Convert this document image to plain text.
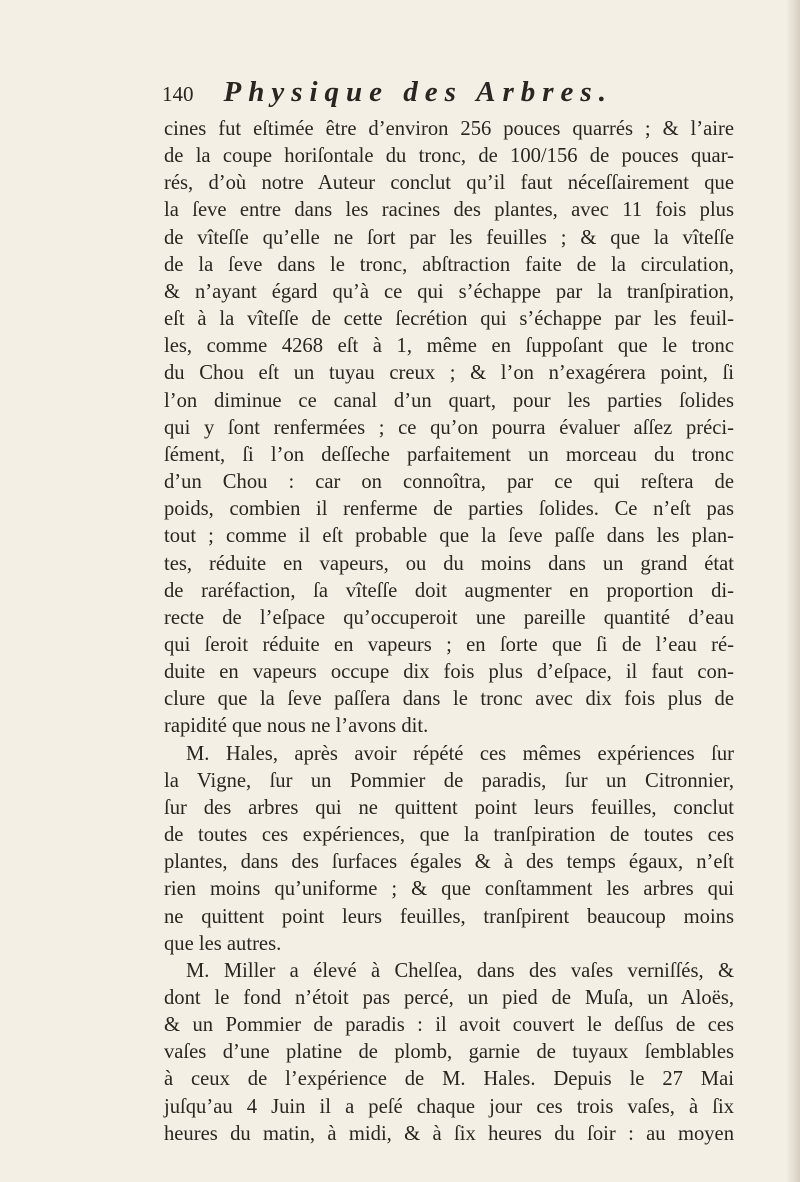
140 Physique des Arbres.
cines fut eſtimée être d’environ 256 pouces quarrés ; & l’aire
de la coupe horiſontale du tronc, de 100/156 de pouces quar-
rés, d’où notre Auteur conclut qu’il faut néceſſairement que
la ſeve entre dans les racines des plantes, avec 11 fois plus
de vîteſſe qu’elle ne ſort par les feuilles ; & que la vîteſſe
de la ſeve dans le tronc, abſtraction faite de la circulation,
& n’ayant égard qu’à ce qui s’échappe par la tranſpiration,
eſt à la vîteſſe de cette ſecrétion qui s’échappe par les feuil-
les, comme 4268 eſt à 1, même en ſuppoſant que le tronc
du Chou eſt un tuyau creux ; & l’on n’exagérera point, ſi
l’on diminue ce canal d’un quart, pour les parties ſolides
qui y ſont renfermées ; ce qu’on pourra évaluer aſſez préci-
ſément, ſi l’on deſſeche parfaitement un morceau du tronc
d’un Chou : car on connoîtra, par ce qui reſtera de
poids, combien il renferme de parties ſolides. Ce n’eſt pas
tout ; comme il eſt probable que la ſeve paſſe dans les plan-
tes, réduite en vapeurs, ou du moins dans un grand état
de raréfaction, ſa vîteſſe doit augmenter en proportion di-
recte de l’eſpace qu’occuperoit une pareille quantité d’eau
qui ſeroit réduite en vapeurs ; en ſorte que ſi de l’eau ré-
duite en vapeurs occupe dix fois plus d’eſpace, il faut con-
clure que la ſeve paſſera dans le tronc avec dix fois plus de
rapidité que nous ne l’avons dit.
M. Hales, après avoir répété ces mêmes expériences ſur
la Vigne, ſur un Pommier de paradis, ſur un Citronnier,
ſur des arbres qui ne quittent point leurs feuilles, conclut
de toutes ces expériences, que la tranſpiration de toutes ces
plantes, dans des ſurfaces égales & à des temps égaux, n’eſt
rien moins qu’uniforme ; & que conſtamment les arbres qui
ne quittent point leurs feuilles, tranſpirent beaucoup moins
que les autres.
M. Miller a élevé à Chelſea, dans des vaſes verniſſés, &
dont le fond n’étoit pas percé, un pied de Muſa, un Aloës,
& un Pommier de paradis : il avoit couvert le deſſus de ces
vaſes d’une platine de plomb, garnie de tuyaux ſemblables
à ceux de l’expérience de M. Hales. Depuis le 27 Mai
juſqu’au 4 Juin il a peſé chaque jour ces trois vaſes, à ſix
heures du matin, à midi, & à ſix heures du ſoir : au moyen
